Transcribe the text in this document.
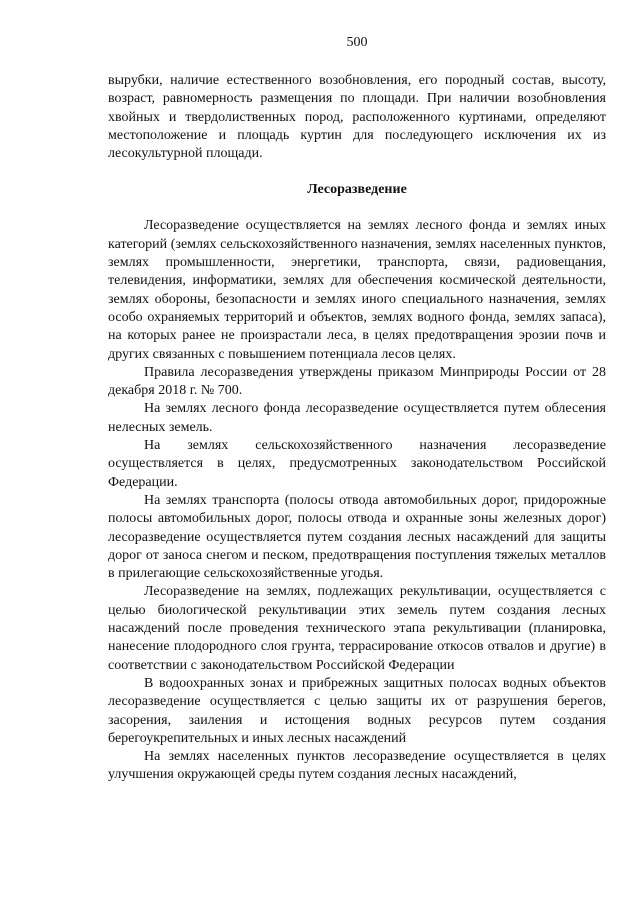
500

вырубки, наличие естественного возобновления, его породный состав, высоту, возраст, равномерность размещения по площади. При наличии возобновления хвойных и твердолиственных пород, расположенного куртинами, определяют местоположение и площадь куртин для последующего исключения их из лесокультурной площади.

Лесоразведение

Лесоразведение осуществляется на землях лесного фонда и землях иных категорий (землях сельскохозяйственного назначения, землях населенных пунктов, землях промышленности, энергетики, транспорта, связи, радиовещания, телевидения, информатики, землях для обеспечения космической деятельности, землях обороны, безопасности и землях иного специального назначения, землях особо охраняемых территорий и объектов, землях водного фонда, землях запаса), на которых ранее не произрастали леса, в целях предотвращения эрозии почв и других связанных с повышением потенциала лесов целях.

Правила лесоразведения утверждены приказом Минприроды России от 28 декабря 2018 г. № 700.

На землях лесного фонда лесоразведение осуществляется путем облесения нелесных земель.

На землях сельскохозяйственного назначения лесоразведение осуществляется в целях, предусмотренных законодательством Российской Федерации.

На землях транспорта (полосы отвода автомобильных дорог, придорожные полосы автомобильных дорог, полосы отвода и охранные зоны железных дорог) лесоразведение осуществляется путем создания лесных насаждений для защиты дорог от заноса снегом и песком, предотвращения поступления тяжелых металлов в прилегающие сельскохозяйственные угодья.

Лесоразведение на землях, подлежащих рекультивации, осуществляется с целью биологической рекультивации этих земель путем создания лесных насаждений после проведения технического этапа рекультивации (планировка, нанесение плодородного слоя грунта, террасирование откосов отвалов и другие) в соответствии с законодательством Российской Федерации

В водоохранных зонах и прибрежных защитных полосах водных объектов лесоразведение осуществляется с целью защиты их от разрушения берегов, засорения, заиления и истощения водных ресурсов путем создания берегоукрепительных и иных лесных насаждений

На землях населенных пунктов лесоразведение осуществляется в целях улучшения окружающей среды путем создания лесных насаждений,
